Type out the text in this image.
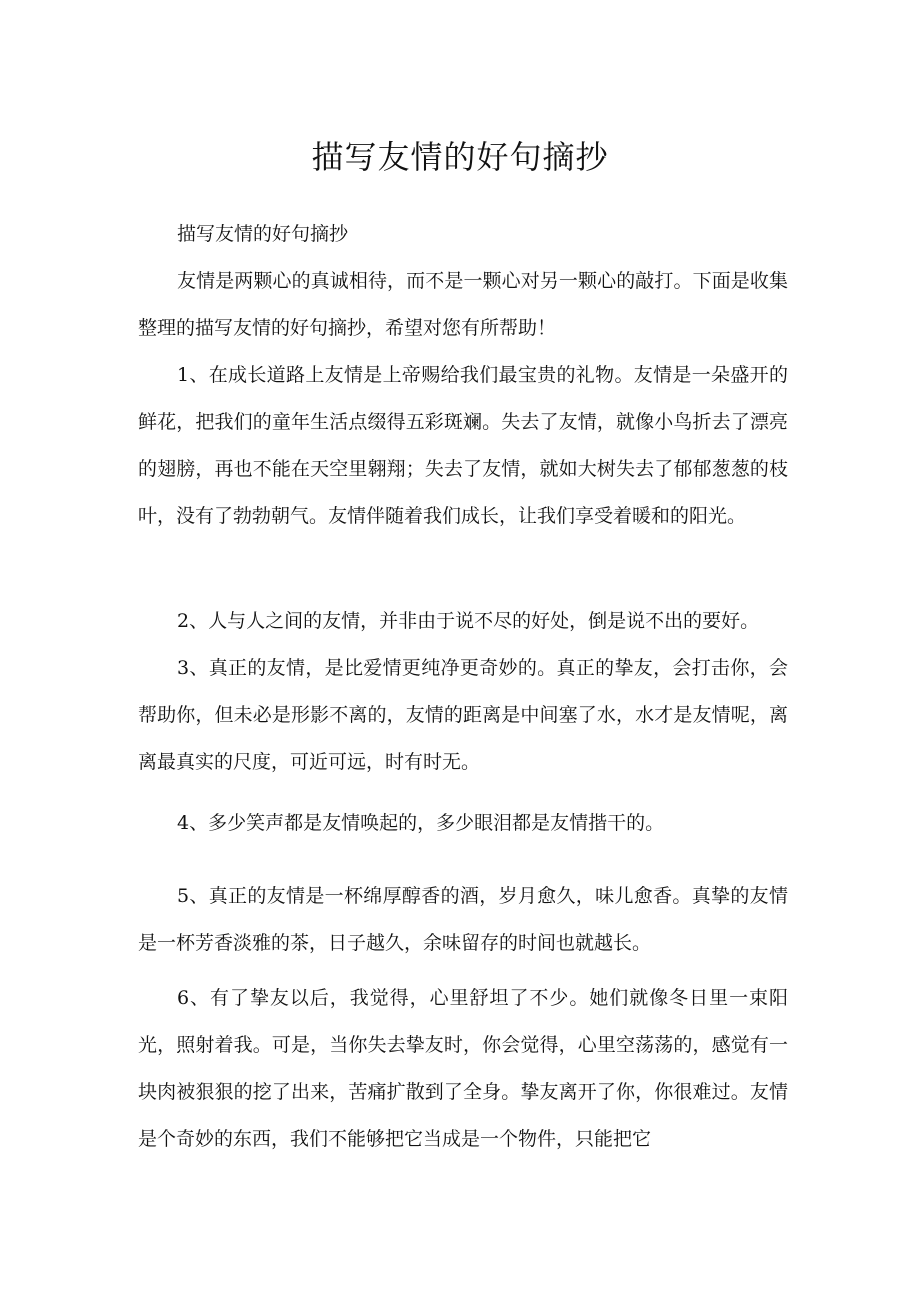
描写友情的好句摘抄

描写友情的好句摘抄

友情是两颗心的真诚相待，而不是一颗心对另一颗心的敲打。下面是收集整理的描写友情的好句摘抄，希望对您有所帮助！

1、在成长道路上友情是上帝赐给我们最宝贵的礼物。友情是一朵盛开的鲜花，把我们的童年生活点缀得五彩斑斓。失去了友情，就像小鸟折去了漂亮的翅膀，再也不能在天空里翱翔；失去了友情，就如大树失去了郁郁葱葱的枝叶，没有了勃勃朝气。友情伴随着我们成长，让我们享受着暖和的阳光。

2、人与人之间的友情，并非由于说不尽的好处，倒是说不出的要好。

3、真正的友情，是比爱情更纯净更奇妙的。真正的挚友，会打击你，会帮助你，但未必是形影不离的，友情的距离是中间塞了水，水才是友情呢，离离最真实的尺度，可近可远，时有时无。

4、多少笑声都是友情唤起的，多少眼泪都是友情揩干的。

5、真正的友情是一杯绵厚醇香的酒，岁月愈久，味儿愈香。真挚的友情是一杯芳香淡雅的茶，日子越久，余味留存的时间也就越长。

6、有了挚友以后，我觉得，心里舒坦了不少。她们就像冬日里一束阳光，照射着我。可是，当你失去挚友时，你会觉得，心里空荡荡的，感觉有一块肉被狠狠的挖了出来，苦痛扩散到了全身。挚友离开了你，你很难过。友情是个奇妙的东西，我们不能够把它当成是一个物件，只能把它
